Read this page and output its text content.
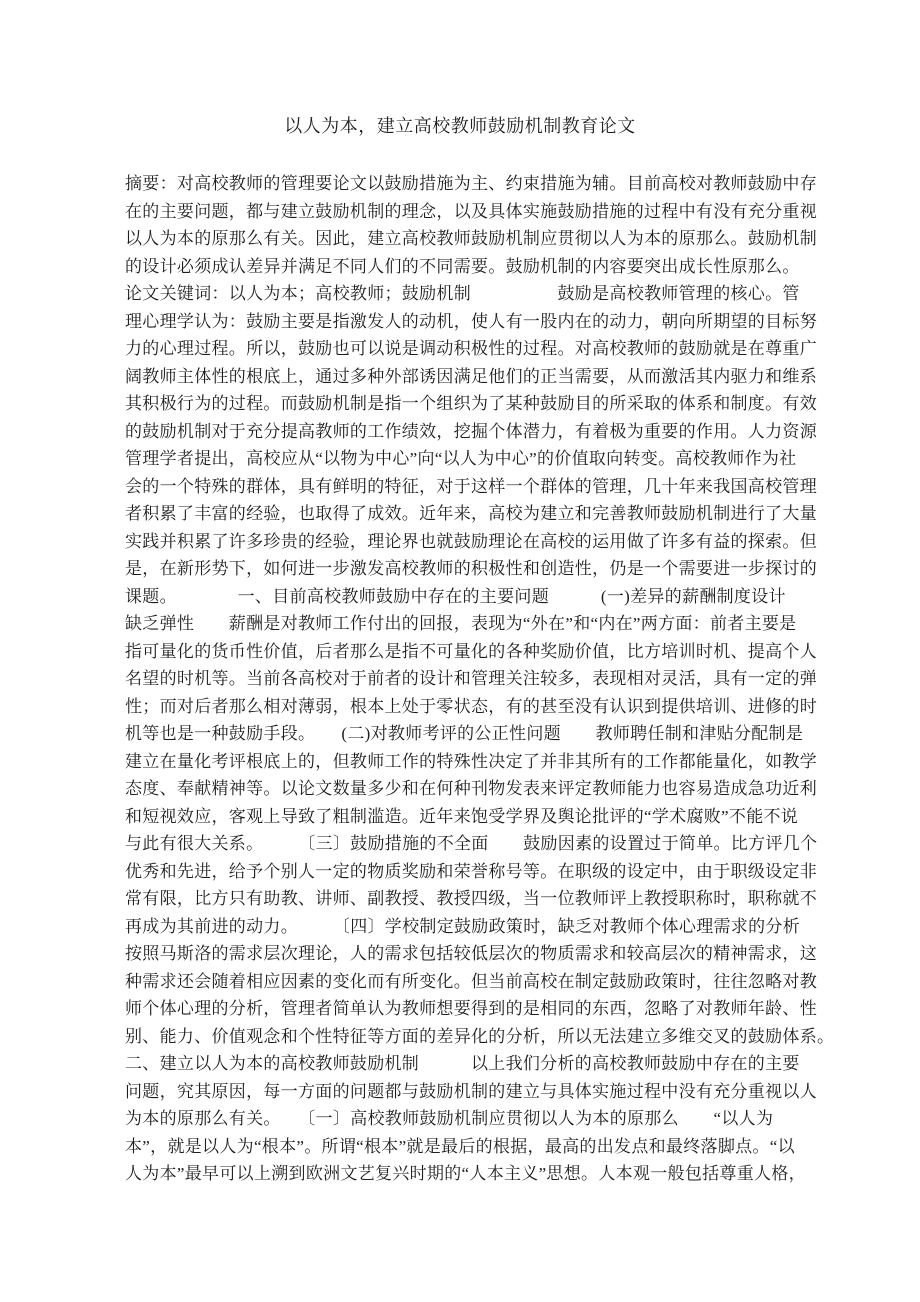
以人为本，建立高校教师鼓励机制教育论文
摘要：对高校教师的管理要论文以鼓励措施为主、约束措施为辅。目前高校对教师鼓励中存
在的主要问题，都与建立鼓励机制的理念，以及具体实施鼓励措施的过程中有没有充分重视
以人为本的原那么有关。因此，建立高校教师鼓励机制应贯彻以人为本的原那么。鼓励机制
的设计必须成认差异并满足不同人们的不同需要。鼓励机制的内容要突出成长性原那么。
论文关键词：以人为本；高校教师；鼓励机制　　　　　鼓励是高校教师管理的核心。管
理心理学认为：鼓励主要是指激发人的动机，使人有一股内在的动力，朝向所期望的目标努
力的心理过程。所以，鼓励也可以说是调动积极性的过程。对高校教师的鼓励就是在尊重广
阔教师主体性的根底上，通过多种外部诱因满足他们的正当需要，从而激活其内驱力和维系
其积极行为的过程。而鼓励机制是指一个组织为了某种鼓励目的所采取的体系和制度。有效
的鼓励机制对于充分提高教师的工作绩效，挖掘个体潜力，有着极为重要的作用。人力资源
管理学者提出，高校应从“以物为中心”向“以人为中心”的价值取向转变。高校教师作为社
会的一个特殊的群体，具有鲜明的特征，对于这样一个群体的管理，几十年来我国高校管理
者积累了丰富的经验，也取得了成效。近年来，高校为建立和完善教师鼓励机制进行了大量
实践并积累了许多珍贵的经验，理论界也就鼓励理论在高校的运用做了许多有益的探索。但
是，在新形势下，如何进一步激发高校教师的积极性和创造性，仍是一个需要进一步探讨的
课题。　　　　一、目前高校教师鼓励中存在的主要问题　　　(一)差异的薪酬制度设计
缺乏弹性　　薪酬是对教师工作付出的回报，表现为“外在”和“内在”两方面：前者主要是
指可量化的货币性价值，后者那么是指不可量化的各种奖励价值，比方培训时机、提高个人
名望的时机等。当前各高校对于前者的设计和管理关注较多，表现相对灵活，具有一定的弹
性；而对后者那么相对薄弱，根本上处于零状态，有的甚至没有认识到提供培训、进修的时
机等也是一种鼓励手段。　　(二)对教师考评的公正性问题　　教师聘任制和津贴分配制是
建立在量化考评根底上的，但教师工作的特殊性决定了并非其所有的工作都能量化，如教学
态度、奉献精神等。以论文数量多少和在何种刊物发表来评定教师能力也容易造成急功近利
和短视效应，客观上导致了粗制滥造。近年来饱受学界及舆论批评的“学术腐败”不能不说
与此有很大关系。　　　〔三〕鼓励措施的不全面　　鼓励因素的设置过于简单。比方评几个
优秀和先进，给予个别人一定的物质奖励和荣誉称号等。在职级的设定中，由于职级设定非
常有限，比方只有助教、讲师、副教授、教授四级，当一位教师评上教授职称时，职称就不
再成为其前进的动力。　　　〔四〕学校制定鼓励政策时，缺乏对教师个体心理需求的分析
按照马斯洛的需求层次理论，人的需求包括较低层次的物质需求和较高层次的精神需求，这
种需求还会随着相应因素的变化而有所变化。但当前高校在制定鼓励政策时，往往忽略对教
师个体心理的分析，管理者简单认为教师想要得到的是相同的东西，忽略了对教师年龄、性
别、能力、价值观念和个性特征等方面的差异化的分析，所以无法建立多维交叉的鼓励体系。
二、建立以人为本的高校教师鼓励机制　　　以上我们分析的高校教师鼓励中存在的主要
问题，究其原因，每一方面的问题都与鼓励机制的建立与具体实施过程中没有充分重视以人
为本的原那么有关。　　〔一〕高校教师鼓励机制应贯彻以人为本的原那么　　“以人为
本”，就是以人为“根本”。所谓“根本”就是最后的根据，最高的出发点和最终落脚点。“以
人为本”最早可以上溯到欧洲文艺复兴时期的“人本主义”思想。人本观一般包括尊重人格，
